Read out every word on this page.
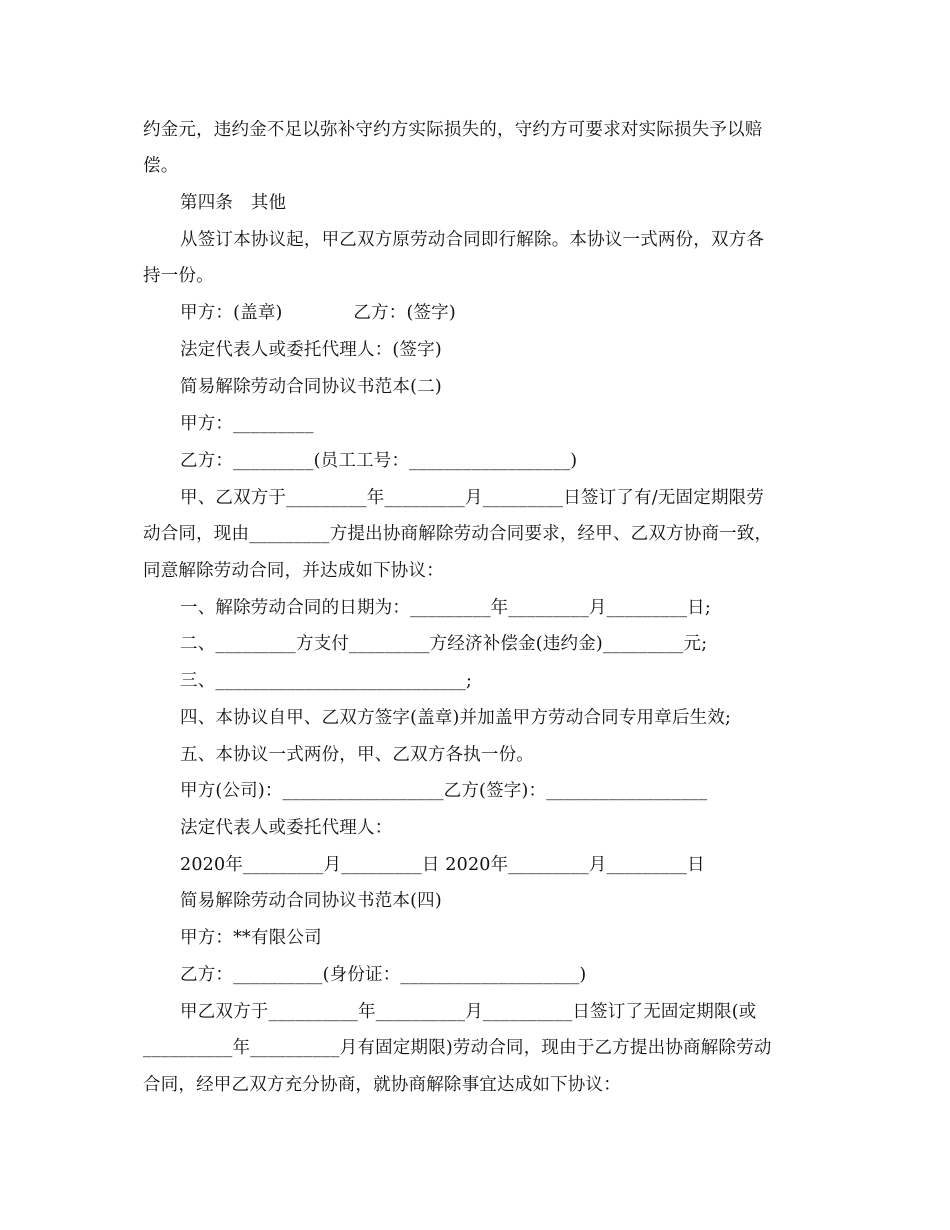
约金元，违约金不足以弥补守约方实际损失的，守约方可要求对实际损失予以赔
偿。
第四条　其他
从签订本协议起，甲乙双方原劳动合同即行解除。本协议一式两份，双方各
持一份。
甲方：(盖章)　　　　乙方：(签字)
法定代表人或委托代理人：(签字)
简易解除劳动合同协议书范本(二)
甲方：_________
乙方：_________(员工工号：__________________)
甲、乙双方于_________年_________月_________日签订了有/无固定期限劳
动合同，现由_________方提出协商解除劳动合同要求，经甲、乙双方协商一致，
同意解除劳动合同，并达成如下协议：
一、解除劳动合同的日期为：_________年_________月_________日;
二、_________方支付_________方经济补偿金(违约金)_________元;
三、____________________________;
四、本协议自甲、乙双方签字(盖章)并加盖甲方劳动合同专用章后生效;
五、本协议一式两份，甲、乙双方各执一份。
甲方(公司)：__________________乙方(签字)：__________________
法定代表人或委托代理人：
2020年_________月_________日 2020年_________月_________日
简易解除劳动合同协议书范本(四)
甲方：**有限公司
乙方：__________(身份证：____________________)
甲乙双方于__________年__________月__________日签订了无固定期限(或
__________年__________月有固定期限)劳动合同，现由于乙方提出协商解除劳动
合同，经甲乙双方充分协商，就协商解除事宜达成如下协议：
